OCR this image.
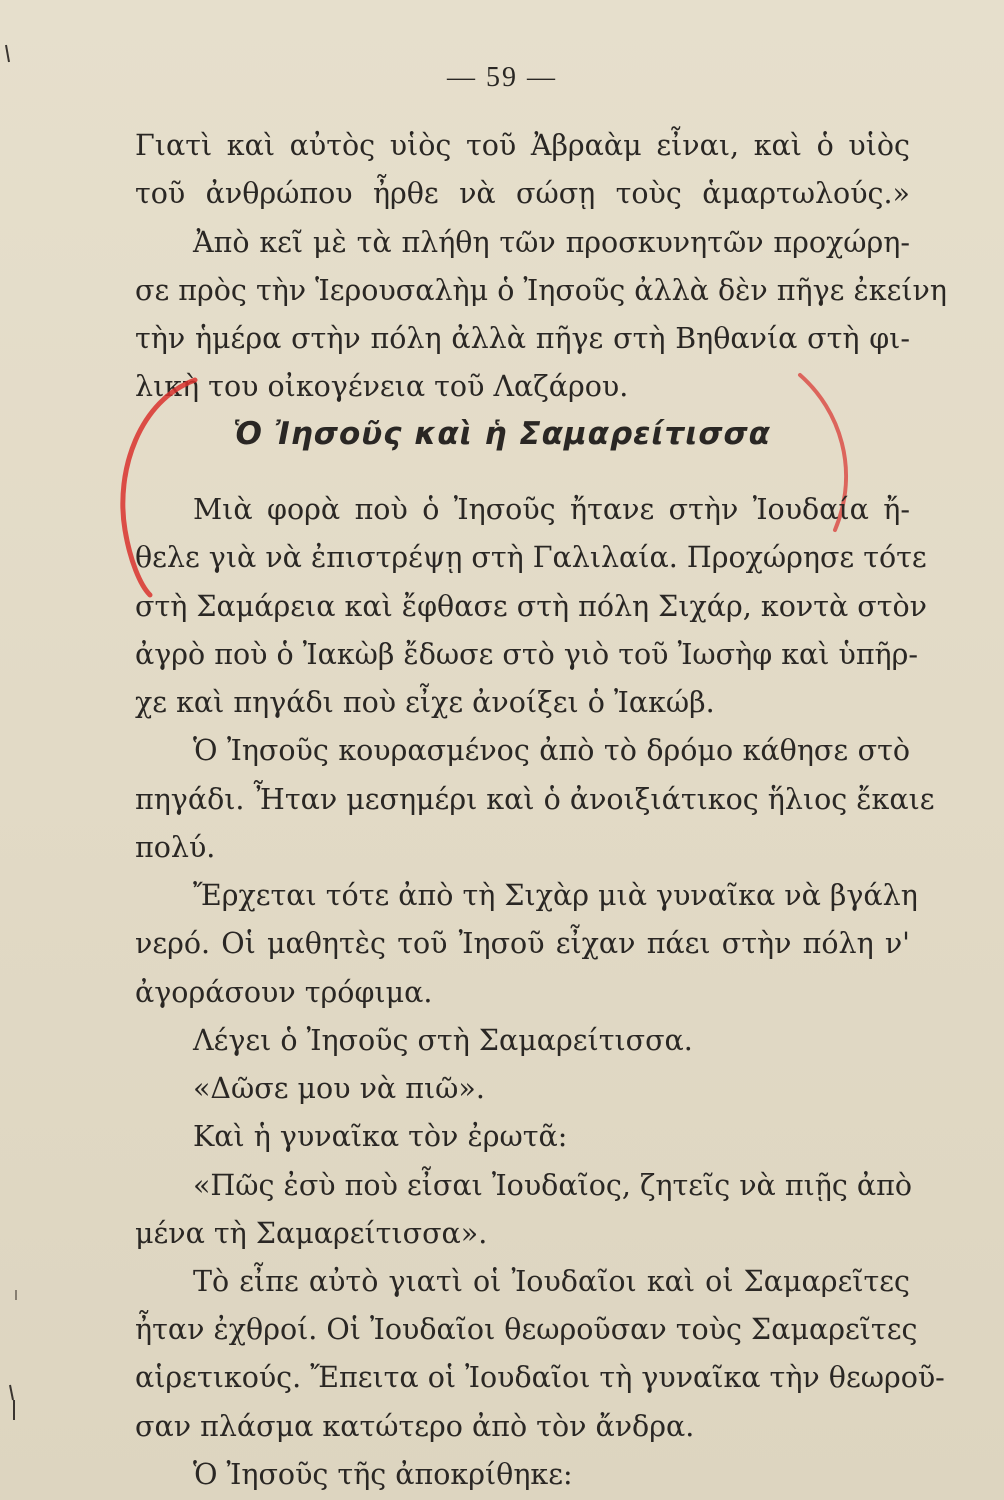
— 59 —
Γιατὶ καὶ αὐτὸς υἱὸς τοῦ Ἀβραὰμ εἶναι, καὶ ὁ υἱὸς
τοῦ ἀνθρώπου ἦρθε νὰ σώσῃ τοὺς ἁμαρτωλούς.»
Ἀπὸ κεῖ μὲ τὰ πλήθη τῶν προσκυνητῶν προχώρη-
σε πρὸς τὴν Ἱερουσαλὴμ ὁ Ἰησοῦς ἀλλὰ δὲν πῆγε ἐκείνη
τὴν ἡμέρα στὴν πόλη ἀλλὰ πῆγε στὴ Βηθανία στὴ φι-
λικὴ του οἰκογένεια τοῦ Λαζάρου.
Ὁ Ἰησοῦς καὶ ἡ Σαμαρείτισσα
Μιὰ φορὰ ποὺ ὁ Ἰησοῦς ἤτανε στὴν Ἰουδαία ἤ-
θελε γιὰ νὰ ἐπιστρέψῃ στὴ Γαλιλαία. Προχώρησε τότε
στὴ Σαμάρεια καὶ ἔφθασε στὴ πόλη Σιχάρ, κοντὰ στὸν
ἀγρὸ ποὺ ὁ Ἰακὼβ ἔδωσε στὸ γιὸ τοῦ Ἰωσὴφ καὶ ὑπῆρ-
χε καὶ πηγάδι ποὺ εἶχε ἀνοίξει ὁ Ἰακώβ.
Ὁ Ἰησοῦς κουρασμένος ἀπὸ τὸ δρόμο κάθησε στὸ
πηγάδι. Ἦταν μεσημέρι καὶ ὁ ἀνοιξιάτικος ἥλιος ἔκαιε
πολύ.
Ἔρχεται τότε ἀπὸ τὴ Σιχὰρ μιὰ γυναῖκα νὰ βγάλη
νερό. Οἱ μαθητὲς τοῦ Ἰησοῦ εἶχαν πάει στὴν πόλη ν'
ἀγοράσουν τρόφιμα.
Λέγει ὁ Ἰησοῦς στὴ Σαμαρείτισσα.
«Δῶσε μου νὰ πιῶ».
Καὶ ἡ γυναῖκα τὸν ἐρωτᾶ:
«Πῶς ἐσὺ ποὺ εἶσαι Ἰουδαῖος, ζητεῖς νὰ πιῇς ἀπὸ
μένα τὴ Σαμαρείτισσα».
Τὸ εἶπε αὐτὸ γιατὶ οἱ Ἰουδαῖοι καὶ οἱ Σαμαρεῖτες
ἦταν ἐχθροί. Οἱ Ἰουδαῖοι θεωροῦσαν τοὺς Σαμαρεῖτες
αἱρετικούς. Ἔπειτα οἱ Ἰουδαῖοι τὴ γυναῖκα τὴν θεωροῦ-
σαν πλάσμα κατώτερο ἀπὸ τὸν ἄνδρα.
Ὁ Ἰησοῦς τῆς ἀποκρίθηκε:
